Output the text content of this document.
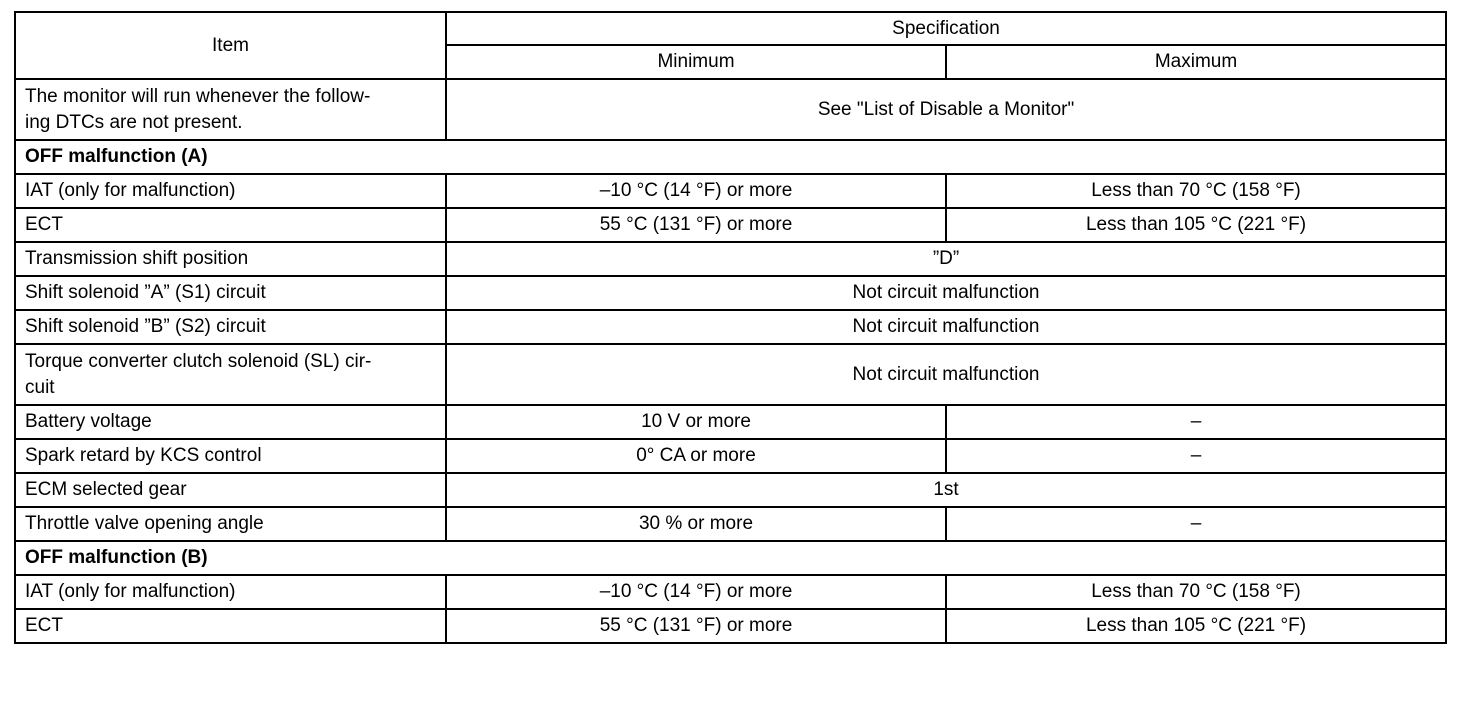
Item	Specification	
	Minimum	Maximum
The monitor will run whenever the follow-
ing DTCs are not present.	See "List of Disable a Monitor"	
OFF malfunction (A)		
IAT (only for malfunction)	–10 °C (14 °F) or more	Less than 70 °C (158 °F)
ECT	55 °C (131 °F) or more	Less than 105 °C (221 °F)
Transmission shift position	”D”	
Shift solenoid ”A” (S1) circuit	Not circuit malfunction	
Shift solenoid ”B” (S2) circuit	Not circuit malfunction	
Torque converter clutch solenoid (SL) cir-
cuit	Not circuit malfunction	
Battery voltage	10 V or more	–
Spark retard by KCS control	0° CA or more	–
ECM selected gear	1st	
Throttle valve opening angle	30 % or more	–
OFF malfunction (B)		
IAT (only for malfunction)	–10 °C (14 °F) or more	Less than 70 °C (158 °F)
ECT	55 °C (131 °F) or more	Less than 105 °C (221 °F)
